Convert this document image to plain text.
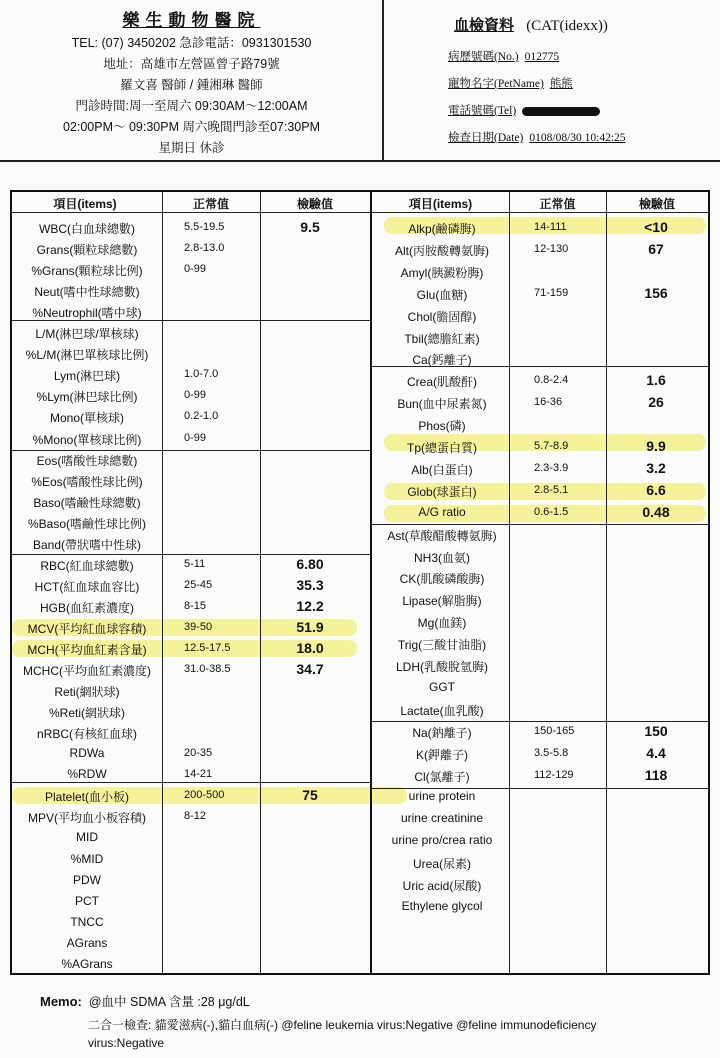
樂生動物醫院
TEL: (07) 3450202 急診電話：0931301530
地址：高雄市左營區曾子路79號
羅文喜 醫師 / 鍾湘琳 醫師
門診時間:周一至周六 09:30AM～12:00AM
02:00PM～ 09:30PM 周六晚間門診至07:30PM
星期日 休診
血檢資料 (CAT(idexx))
病歷號碼(No.) 012775
寵物名字(PetName) 熊熊
電話號碼(Tel)
檢查日期(Date) 0108/08/30 10:42:25
項目(items)	正常值	檢驗值	項目(items)	正常值	檢驗值
WBC(白血球總數)	5.5-19.5	9.5
Grans(顆粒球總數)	2.8-13.0
%Grans(顆粒球比例)	0-99
Neut(嗜中性球總數)
%Neutrophil(嗜中球)
L/M(淋巴球/單核球)
%L/M(淋巴單核球比例)
Lym(淋巴球)	1.0-7.0
%Lym(淋巴球比例)	0-99
Mono(單核球)	0.2-1.0
%Mono(單核球比例)	0-99
Eos(嗜酸性球總數)
%Eos(嗜酸性球比例)
Baso(嗜鹼性球總數)
%Baso(嗜鹼性球比例)
Band(帶狀嗜中性球)
RBC(紅血球總數)	5-11	6.80
HCT(紅血球血容比)	25-45	35.3
HGB(血紅素濃度)	8-15	12.2
MCV(平均紅血球容積)	39-50	51.9
MCH(平均血紅素含量)	12.5-17.5	18.0
MCHC(平均血紅素濃度)	31.0-38.5	34.7
Reti(網狀球)
%Reti(網狀球)
nRBC(有核紅血球)
RDWa	20-35
%RDW	14-21
Platelet(血小板)	200-500	75
MPV(平均血小板容積)	8-12
MID
%MID
PDW
PCT
TNCC
AGrans
%AGrans
Alkp(鹼磷脢)	14-111	<10
Alt(丙胺酸轉氨脢)	12-130	67
Amyl(胰澱粉脢)
Glu(血糖)	71-159	156
Chol(膽固醇)
Tbil(總膽紅素)
Ca(鈣離子)
Crea(肌酸酐)	0.8-2.4	1.6
Bun(血中尿素氮)	16-36	26
Phos(磷)
Tp(總蛋白質)	5.7-8.9	9.9
Alb(白蛋白)	2.3-3.9	3.2
Glob(球蛋白)	2.8-5.1	6.6
A/G ratio	0.6-1.5	0.48
Ast(草酸醋酸轉氨脢)
NH3(血氨)
CK(肌酸磷酸脢)
Lipase(解脂脢)
Mg(血鎂)
Trig(三酸甘油脂)
LDH(乳酸脫氫脢)
GGT
Lactate(血乳酸)
Na(鈉離子)	150-165	150
K(鉀離子)	3.5-5.8	4.4
Cl(氯離子)	112-129	118
urine protein
urine creatinine
urine pro/crea ratio
Urea(尿素)
Uric acid(尿酸)
Ethylene glycol
Memo: @血中 SDMA 含量 :28 μg/dL
二合一檢查: 貓愛滋病(-),貓白血病(-) @feline leukemia virus:Negative @feline immunodeficiency
virus:Negative
